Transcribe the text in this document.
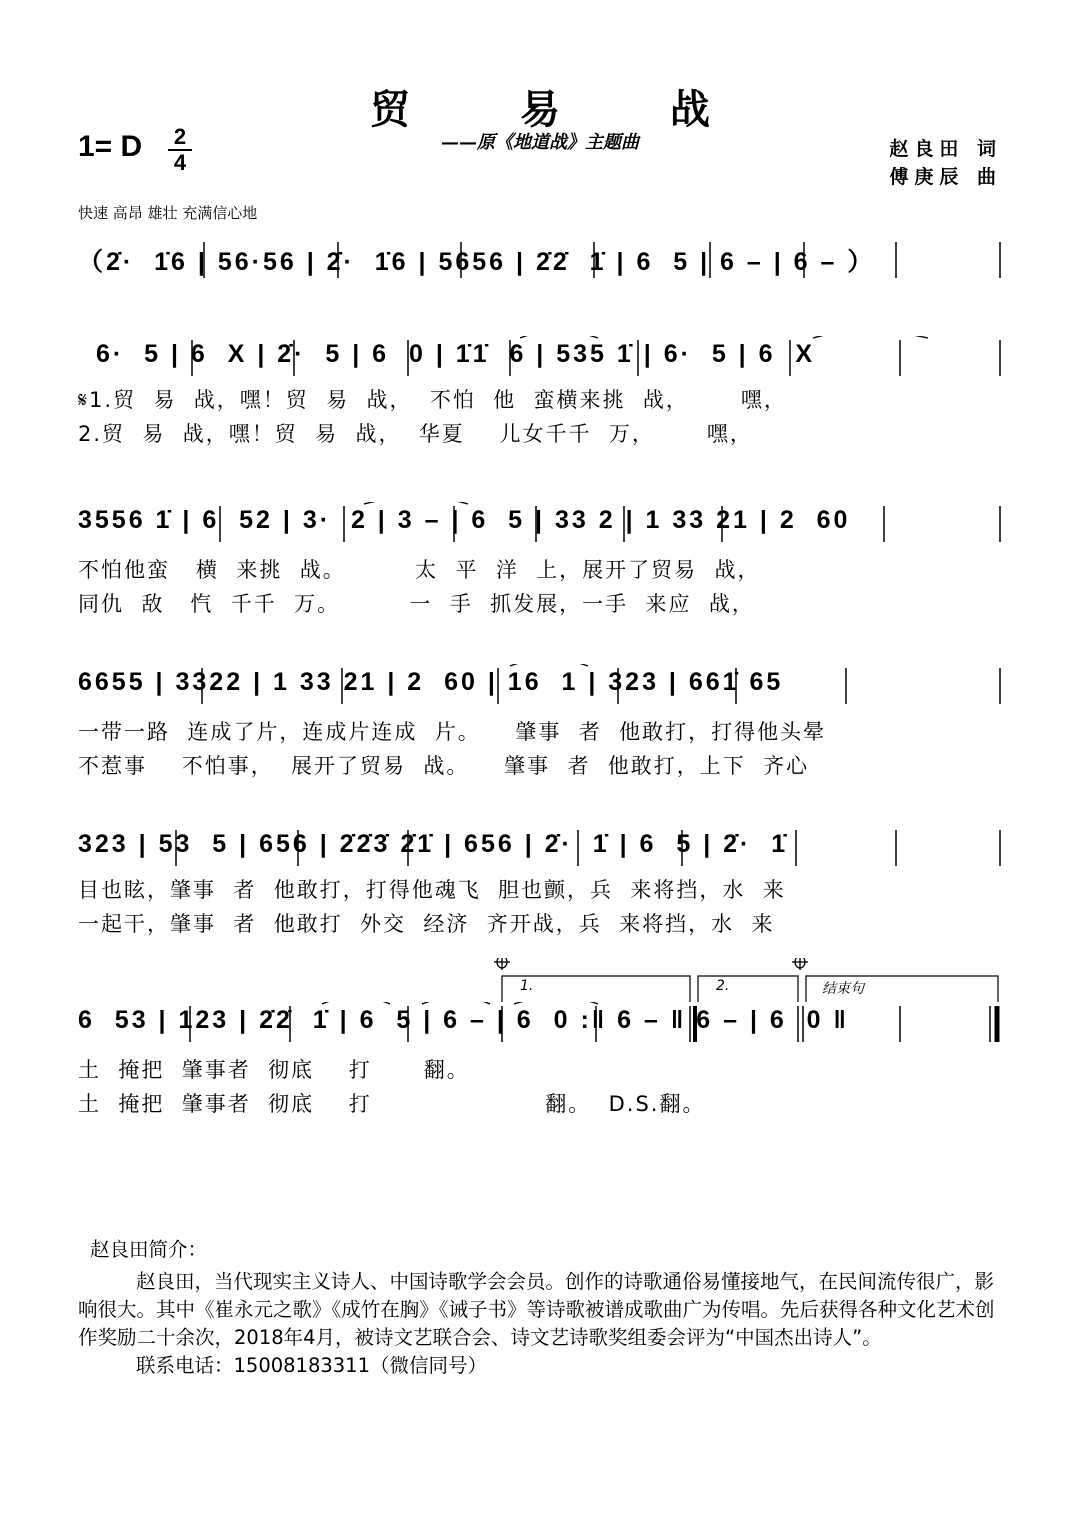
贸 易 战
——原《地道战》主题曲
1= D 2
4
赵良田 词
傅庚辰 曲
快速 高昂 雄壮 充满信心地

（2̇·  1̇6 | 56·56 | 2̇·  1̇6 | 5656 | 2̇2̇  1̇ | 6  5 | 6 – | 6 – ）

6·  5 | 6  X | 2̇·  5 | 6  0 | 1̇1̇  6 | 535 1̇ | 6·  5 | 6  X

𝄋1.贸  易  战，嘿！贸  易  战，  不怕  他  蛮横来挑  战，      嘿，
2.贸  易  战，嘿！贸  易  战，  华夏    儿女千千  万，      嘿，

3556 1̇ | 6  52 | 3·  2 | 3 – | 6  5 | 33 2 | 1 33 21 | 2  60

不怕他蛮   横  来挑  战。        太  平  洋  上，展开了贸易  战，
同仇  敌   忾  千千  万。        一  手  抓发展，一手  来应  战，

6655 | 3322 | 1 33 21 | 2  60 | 16  1 | 323 | 661̇ 65

一带一路  连成了片，连成片连成  片。    肇事  者  他敢打，打得他头晕
不惹事    不怕事，  展开了贸易  战。    肇事  者  他敢打，上下  齐心

323 | 53  5 | 656 | 2̇2̇3̇ 2̇1̇ | 656 | 2̇·  1̇ | 6  5 | 2̇·  1̇

目也眩，肇事  者  他敢打，打得他魂飞  胆也颤，兵  来将挡，水  来
一起干，肇事  者  他敢打  外交  经济  齐开战，兵  来将挡，水  来
1.	2.	结束句

6  53 | 123 | 2̇2̇  1̇ | 6  5 | 6 – | 6  0 :‖ 6 – ‖ 6 – | 6  0 ‖

土  掩把  肇事者  彻底    打      翻。
土  掩把  肇事者  彻底    打                    翻。  D.S.翻。

赵良田简介：

赵良田，当代现实主义诗人、中国诗歌学会会员。创作的诗歌通俗易懂接地气，在民间流传很广，影响很大。其中《崔永元之歌》《成竹在胸》《诫子书》等诗歌被谱成歌曲广为传唱。先后获得各种文化艺术创作奖励二十余次，2018年4月，被诗文艺联合会、诗文艺诗歌奖组委会评为“中国杰出诗人”。

联系电话：15008183311（微信同号）
